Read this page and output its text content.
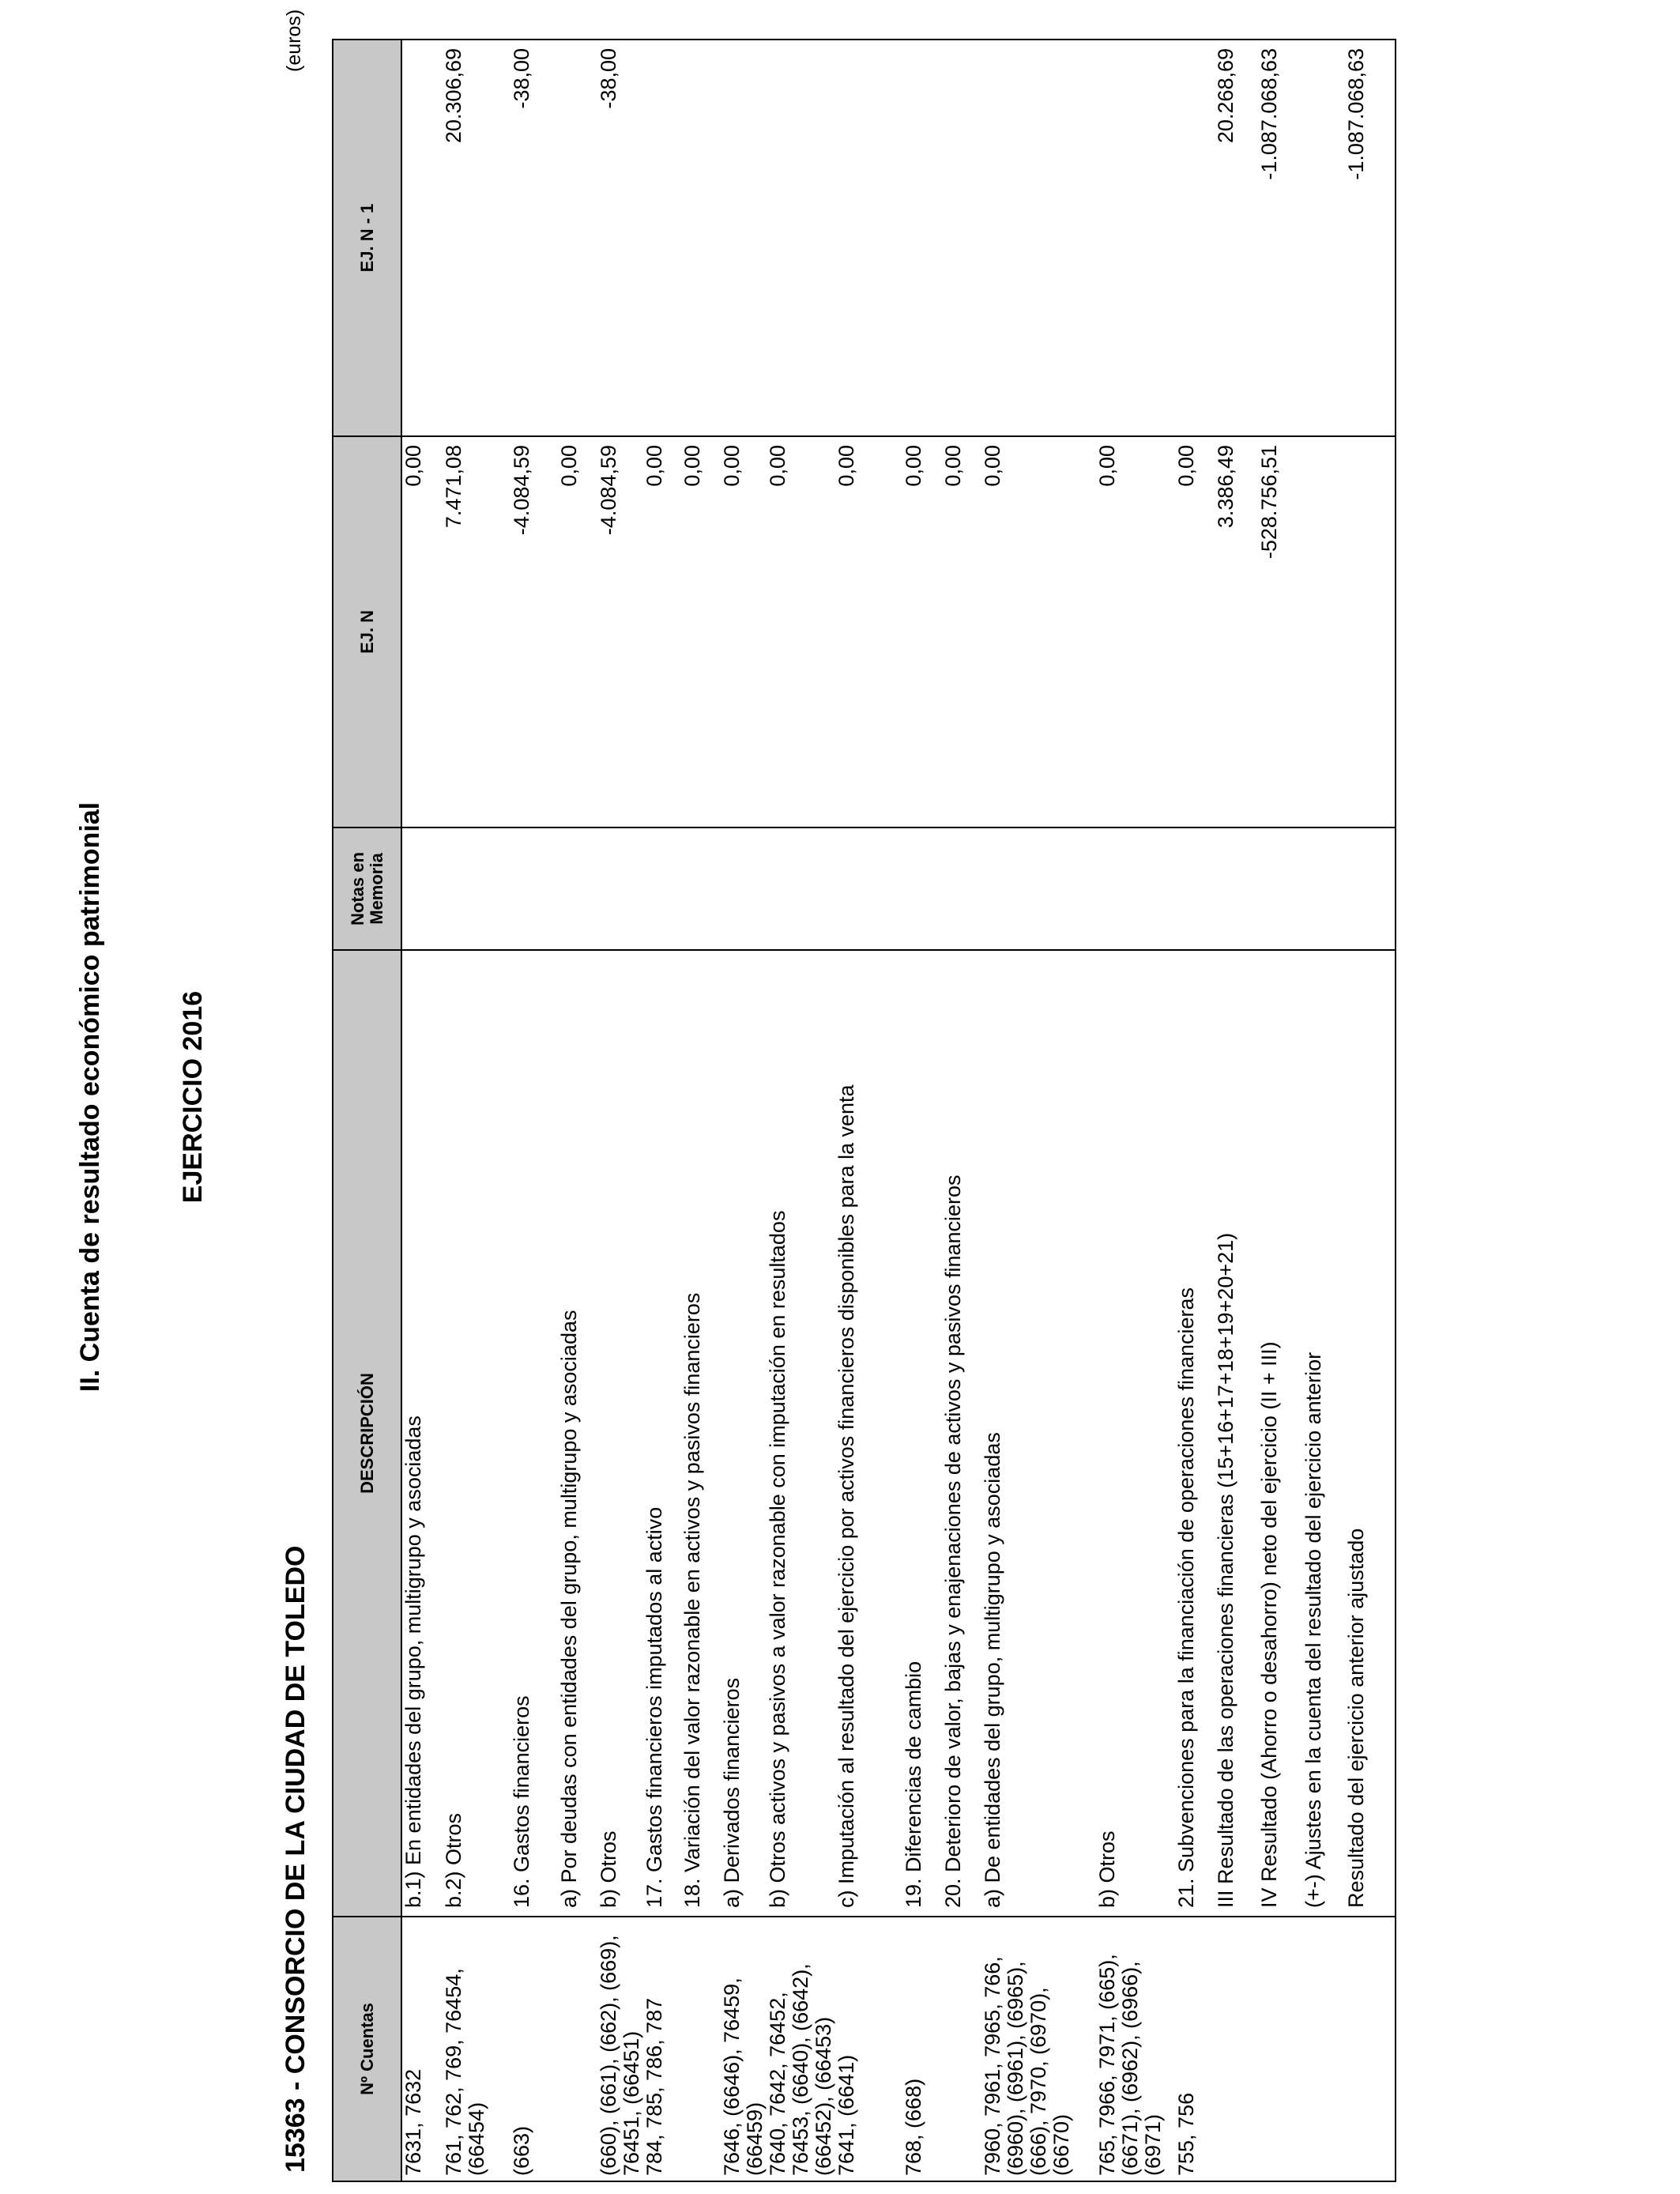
II. Cuenta de resultado económico patrimonial	EJERCICIO 2016
15363 - CONSORCIO DE LA CIUDAD DE TOLEDO
(euros)
Nº Cuentas	DESCRIPCIÓN	Notas en Memoria	EJ. N	EJ. N - 1
7631, 7632	b.1) En entidades del grupo, multigrupo y asociadas		0,00	
761, 762, 769, 76454, (66454)	b.2) Otros		7.471,08	20.306,69
(663)	16. Gastos financieros		-4.084,59	-38,00
	a) Por deudas con entidades del grupo, multigrupo y asociadas		0,00	
(660), (661), (662), (669), 76451, (66451)	b) Otros		-4.084,59	-38,00
784, 785, 786, 787	17. Gastos financieros imputados al activo		0,00	
	18. Variación del valor razonable en activos y pasivos financieros		0,00	
7646, (6646), 76459, (66459)	a) Derivados financieros		0,00	
7640, 7642, 76452, 76453, (6640), (6642), (66452), (66453)	b) Otros activos y pasivos a valor razonable con imputación en resultados		0,00	
7641, (6641)	c) Imputación al resultado del ejercicio por activos financieros disponibles para la venta		0,00	
768, (668)	19. Diferencias de cambio		0,00	
	20. Deterioro de valor, bajas y enajenaciones de activos y pasivos financieros		0,00	
7960, 7961, 7965, 766, (6960), (6961), (6965), (666), 7970, (6970), (6670)	a) De entidades del grupo, multigrupo y asociadas		0,00	
765, 7966, 7971, (665), (6671), (6962), (6966), (6971)	b) Otros		0,00	
755, 756	21. Subvenciones para la financiación de operaciones financieras		0,00	
	III Resultado de las operaciones financieras (15+16+17+18+19+20+21)		3.386,49	20.268,69
	IV Resultado (Ahorro o desahorro) neto del ejercicio (II + III)		-528.756,51	-1.087.068,63
	(+-) Ajustes en la cuenta del resultado del ejercicio anterior			
	Resultado del ejercicio anterior ajustado			-1.087.068,63
